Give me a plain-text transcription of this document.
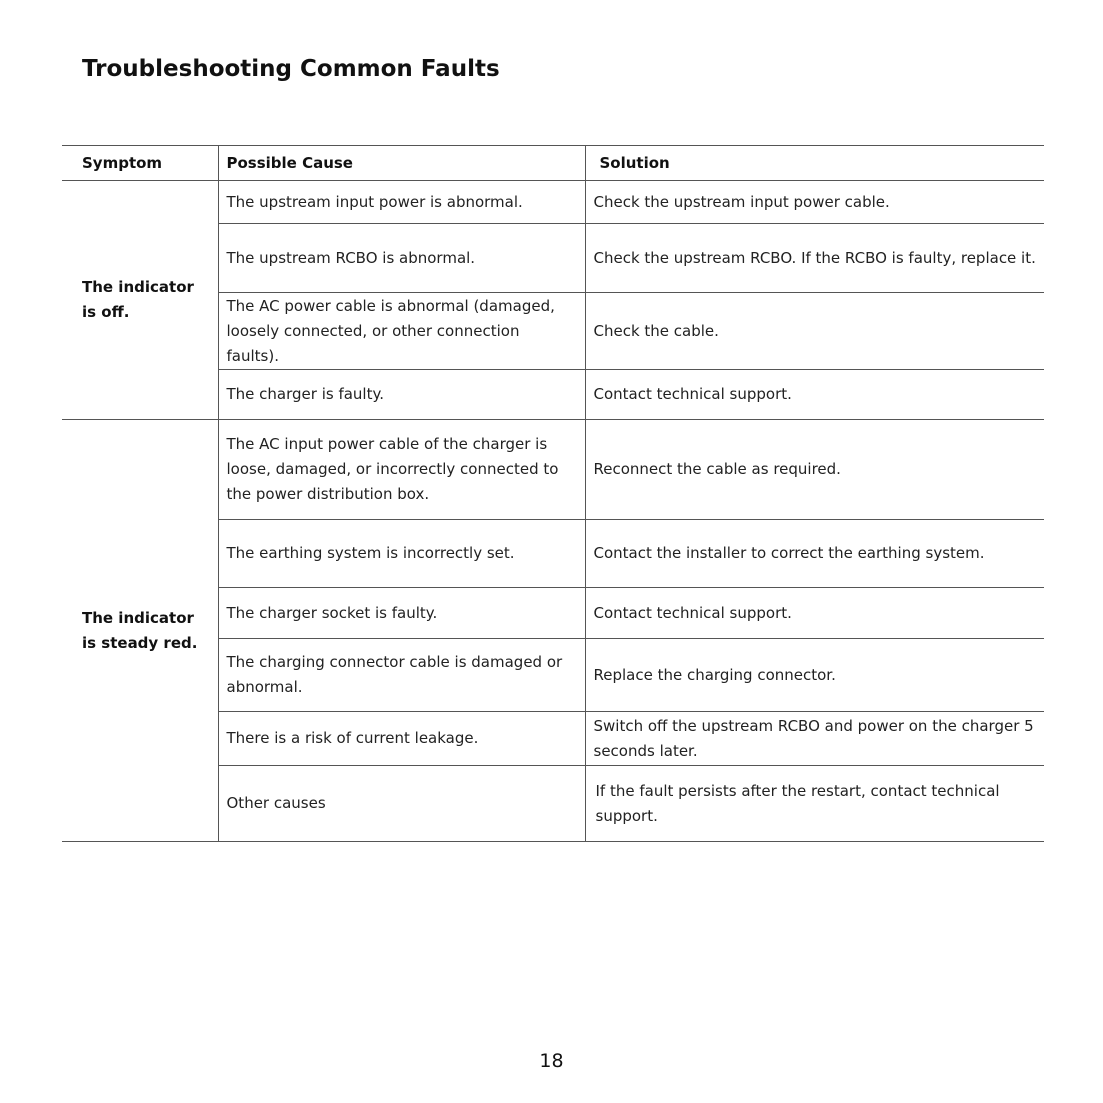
Troubleshooting Common Faults
Symptom	Possible Cause	Solution
The indicator
is off.	The upstream input power is abnormal.	Check the upstream input power cable.
	The upstream RCBO is abnormal.	Check the upstream RCBO. If the RCBO is faulty, replace it.
	The AC power cable is abnormal (damaged, loosely connected, or other connection faults).	Check the cable.
	The charger is faulty.	Contact technical support.
The indicator
is steady red.	The AC input power cable of the charger is loose, damaged, or incorrectly connected to the power distribution box.	Reconnect the cable as required.
	The earthing system is incorrectly set.	Contact the installer to correct the earthing system.
	The charger socket is faulty.	Contact technical support.
	The charging connector cable is damaged or abnormal.	Replace the charging connector.
	There is a risk of current leakage.	Switch off the upstream RCBO and power on the charger 5 seconds later.
	Other causes	If the fault persists after the restart, contact technical support.
18
